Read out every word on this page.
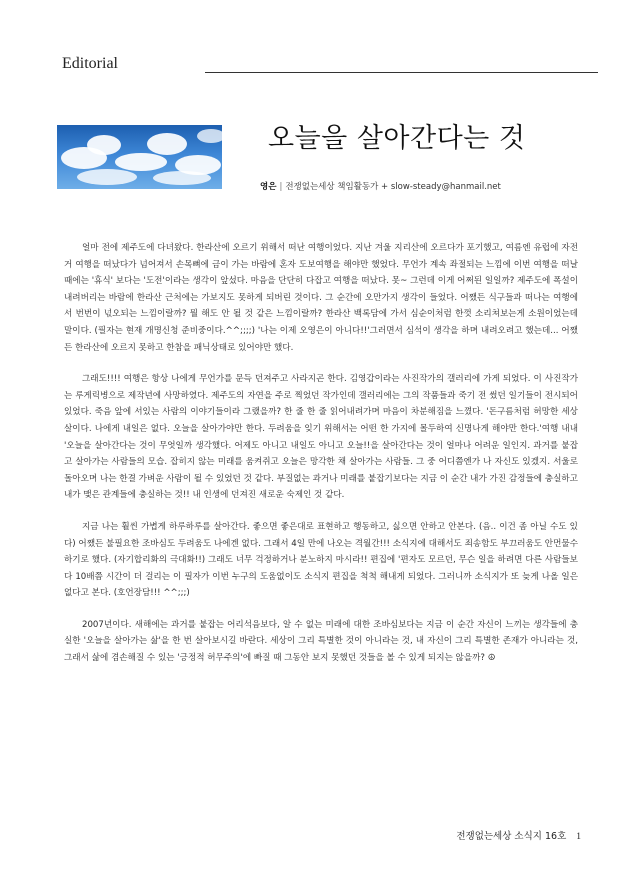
Editorial
오늘을 살아간다는 것
영은 | 전쟁없는세상 책임활동가 + slow-steady@hanmail.net

얼마 전에 제주도에 다녀왔다. 한라산에 오르기 위해서 떠난 여행이었다. 지난 겨울 지리산에 오르다가 포기했고, 여름엔 유럽에 자전거 여행을 떠났다가 넘어져서 손목뼈에 금이 가는 바람에 혼자 도보여행을 해야만 했었다. 무언가 계속 좌절되는 느낌에 이번 여행을 떠날 때에는 '휴식' 보다는 '도전'이라는 생각이 앞섰다. 마음을 단단히 다잡고 여행을 떠났다. 못~ 그런데 이게 어쩌된 일일까? 제주도에 폭설이 내려버리는 바람에 한라산 근처에는 가보지도 못하게 되버린 것이다. 그 순간에 오만가지 생각이 들었다. 어쨌든 식구들과 떠나는 여행에서 번번이 넋오되는 느낌이랄까? 뭘 해도 안 될 것 같은 느낌이랄까? 한라산 백록담에 가서 심순이처럼 한껏 소리쳐보는게 소원이었는데 말이다. (필자는 현재 개명신청 준비중이다.^^;;;;) '나는 이제 오영은이 아니다!!'그러면서 심석이 생각을 하며 내려오려고 했는데... 어쨌든 한라산에 오르지 못하고 한참을 패닉상태로 있어야만 했다.

그래도!!!! 여행은 항상 나에게 무언가를 문득 던져주고 사라지곤 한다. 김영갑이라는 사진작가의 갤러리에 가게 되었다. 이 사진작가는 루게릭병으로 제작년에 사망하였다. 제주도의 자연을 주로 찍었던 작가인데 갤러리에는 그의 작품들과 죽기 전 썼던 일기들이 전시되어 있었다. 죽음 앞에 서있는 사람의 이야기들이라 그랬을까? 한 줄 한 줄 읽어내려가며 마음이 차분해짐을 느꼈다. '돈구름처럼 허망한 세상살이다. 나에게 내일은 없다. 오늘을 살아가야만 한다. 두려움을 잊기 위해서는 어떤 한 가지에 몰두하여 신명나게 해야만 한다.'여행 내내 '오늘을 살아간다는 것이 무엇일까 생각했다. 어제도 아니고 내일도 아니고 오늘!!을 살아간다는 것이 얼마나 어려운 일인지. 과거를 붙잡고 살아가는 사람들의 모습. 잡히지 않는 미래를 움켜쥐고 오늘은 망각한 채 살아가는 사람들. 그 중 어디쯤엔가 나 자신도 있겠지. 서울로 돌아오며 나는 한결 가벼운 사람이 될 수 있었던 것 같다. 부질없는 과거나 미래를 붙잡기보다는 지금 이 순간 내가 가진 감정들에 충실하고 내가 맺은 관계들에 충실하는 것!! 내 인생에 던져진 새로운 숙제인 것 같다.

지금 나는 훨씬 가볍게 하루하루를 살아간다. 좋으면 좋은대로 표현하고 행동하고, 싫으면 안하고 안본다. (음.. 이건 좀 아닐 수도 있다) 어쨌든 불필요한 조바심도 두려움도 나에겐 없다. 그래서 4일 만에 나오는 격월간!!! 소식지에 대해서도 죄송함도 부끄러움도 안먼물수 하기로 했다. (자기합리화의 극대화!!) 그래도 너무 걱정하거나 분노하지 마시라!! 편집에 '편자도 모르던, 무슨 일을 하려면 다른 사람들보다 10배쯤 시간이 더 걸리는 이 필자가 이번 누구의 도움없이도 소식지 편집을 척척 해내게 되었다. 그러니까 소식지가 또 늦게 나올 일은 없다고 본다. (호언장담!!! ^^;;;)

2007년이다. 새해에는 과거를 붙잡는 어리석음보다, 알 수 없는 미래에 대한 조바심보다는 지금 이 순간 자신이 느끼는 생각들에 충실한 '오늘을 살아가는 삶'을 한 번 살아보시길 바란다. 세상이 그리 특별한 것이 아니라는 것, 내 자신이 그리 특별한 존재가 아니라는 것, 그래서 삶에 겸손해질 수 있는 '긍정적 허무주의'에 빠질 때 그동안 보지 못했던 것들을 볼 수 있게 되지는 않을까? ☮

전쟁없는세상 소식지 16호 1
